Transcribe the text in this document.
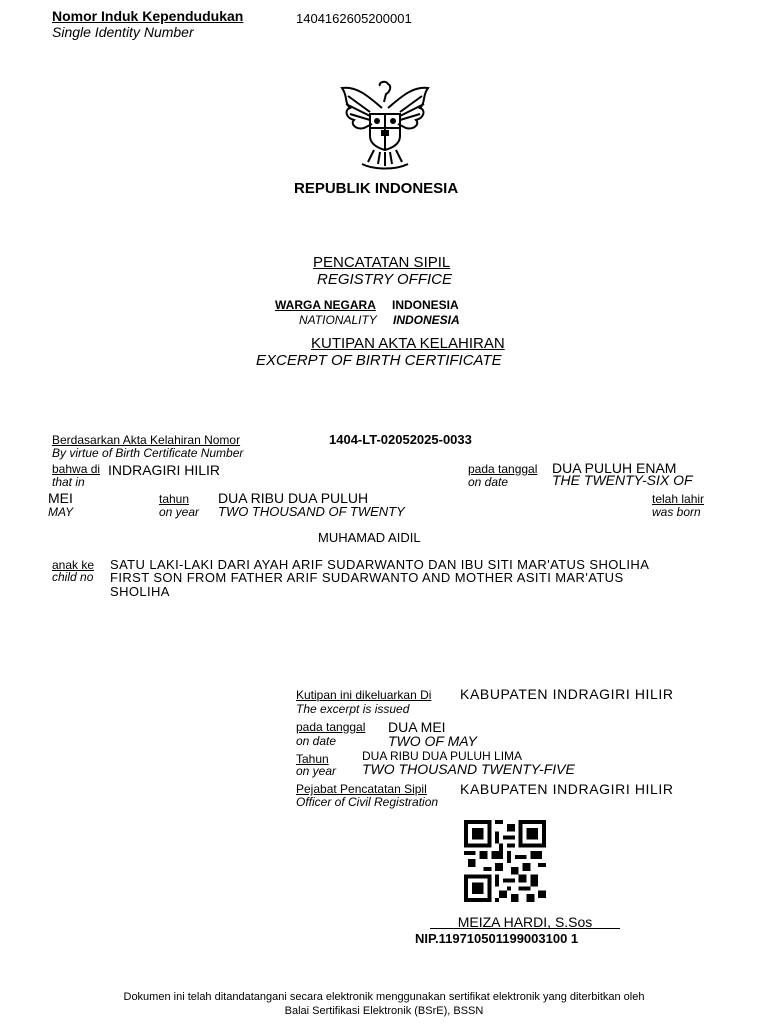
Nomor Induk Kependudukan
Single Identity Number
1404162605200001
REPUBLIK INDONESIA
PENCATATAN SIPIL
REGISTRY OFFICE
WARGA NEGARA INDONESIA
NATIONALITY INDONESIA
KUTIPAN AKTA KELAHIRAN
EXCERPT OF BIRTH CERTIFICATE
Berdasarkan Akta Kelahiran Nomor
By virtue of Birth Certificate Number
1404-LT-02052025-0033
bahwa di
that in
INDRAGIRI HILIR	pada tanggal
on date
DUA PULUH ENAM
THE TWENTY-SIX OF
MEI
MAY
tahun
on year
DUA RIBU DUA PULUH
TWO THOUSAND OF TWENTY
telah lahir
was born
MUHAMAD AIDIL
anak ke
child no
SATU LAKI-LAKI DARI AYAH ARIF SUDARWANTO DAN IBU SITI MAR'ATUS SHOLIHA
FIRST SON FROM FATHER ARIF SUDARWANTO AND MOTHER ASITI MAR'ATUS
SHOLIHA
Kutipan ini dikeluarkan Di
The excerpt is issued
KABUPATEN INDRAGIRI HILIR
pada tanggal
on date
DUA MEI
TWO OF MAY
Tahun
on year
DUA RIBU DUA PULUH LIMA
TWO THOUSAND TWENTY-FIVE
Pejabat Pencatatan Sipil
Officer of Civil Registration
KABUPATEN INDRAGIRI HILIR
MEIZA HARDI, S.Sos
NIP.119710501199003100 1
Dokumen ini telah ditandatangani secara elektronik menggunakan sertifikat elektronik yang diterbitkan oleh
Balai Sertifikasi Elektronik (BSrE), BSSN
